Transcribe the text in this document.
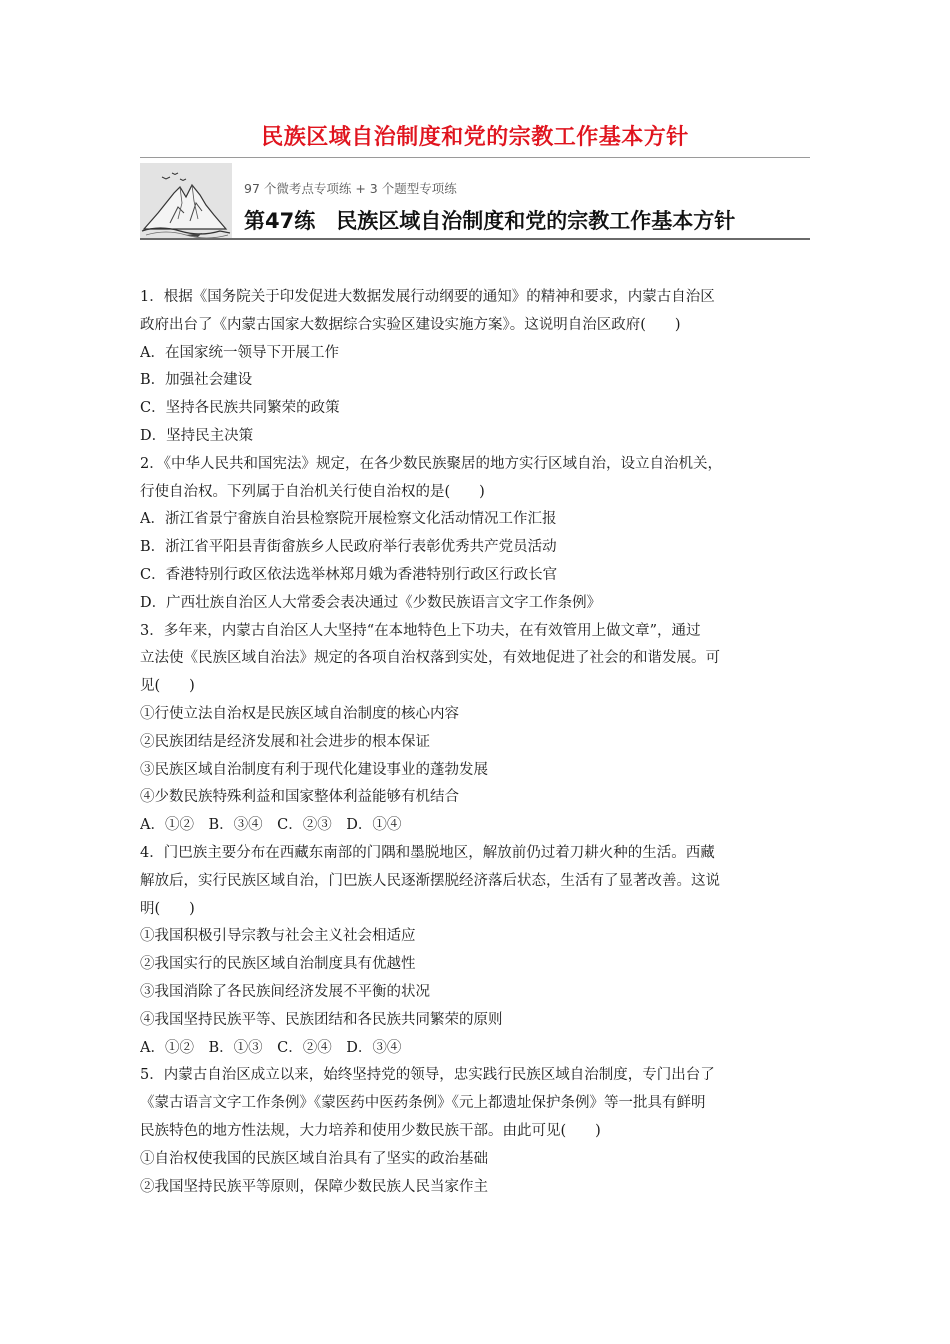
民族区域自治制度和党的宗教工作基本方针
97 个微考点专项练 + 3 个题型专项练
第47练　民族区域自治制度和党的宗教工作基本方针
1．根据《国务院关于印发促进大数据发展行动纲要的通知》的精神和要求，内蒙古自治区
政府出台了《内蒙古国家大数据综合实验区建设实施方案》。这说明自治区政府(　　)
A．在国家统一领导下开展工作
B．加强社会建设
C．坚持各民族共同繁荣的政策
D．坚持民主决策
2．《中华人民共和国宪法》规定，在各少数民族聚居的地方实行区域自治，设立自治机关，
行使自治权。下列属于自治机关行使自治权的是(　　)
A．浙江省景宁畲族自治县检察院开展检察文化活动情况工作汇报
B．浙江省平阳县青街畲族乡人民政府举行表彰优秀共产党员活动
C．香港特别行政区依法选举林郑月娥为香港特别行政区行政长官
D．广西壮族自治区人大常委会表决通过《少数民族语言文字工作条例》
3．多年来，内蒙古自治区人大坚持“在本地特色上下功夫，在有效管用上做文章”，通过
立法使《民族区域自治法》规定的各项自治权落到实处，有效地促进了社会的和谐发展。可
见(　　)
①行使立法自治权是民族区域自治制度的核心内容
②民族团结是经济发展和社会进步的根本保证
③民族区域自治制度有利于现代化建设事业的蓬勃发展
④少数民族特殊利益和国家整体利益能够有机结合
A．①②　B．③④　C．②③　D．①④
4．门巴族主要分布在西藏东南部的门隅和墨脱地区，解放前仍过着刀耕火种的生活。西藏
解放后，实行民族区域自治，门巴族人民逐渐摆脱经济落后状态，生活有了显著改善。这说
明(　　)
①我国积极引导宗教与社会主义社会相适应
②我国实行的民族区域自治制度具有优越性
③我国消除了各民族间经济发展不平衡的状况
④我国坚持民族平等、民族团结和各民族共同繁荣的原则
A．①②　B．①③　C．②④　D．③④
5．内蒙古自治区成立以来，始终坚持党的领导，忠实践行民族区域自治制度，专门出台了
《蒙古语言文字工作条例》《蒙医药中医药条例》《元上都遗址保护条例》等一批具有鲜明
民族特色的地方性法规，大力培养和使用少数民族干部。由此可见(　　)
①自治权使我国的民族区域自治具有了坚实的政治基础
②我国坚持民族平等原则，保障少数民族人民当家作主
